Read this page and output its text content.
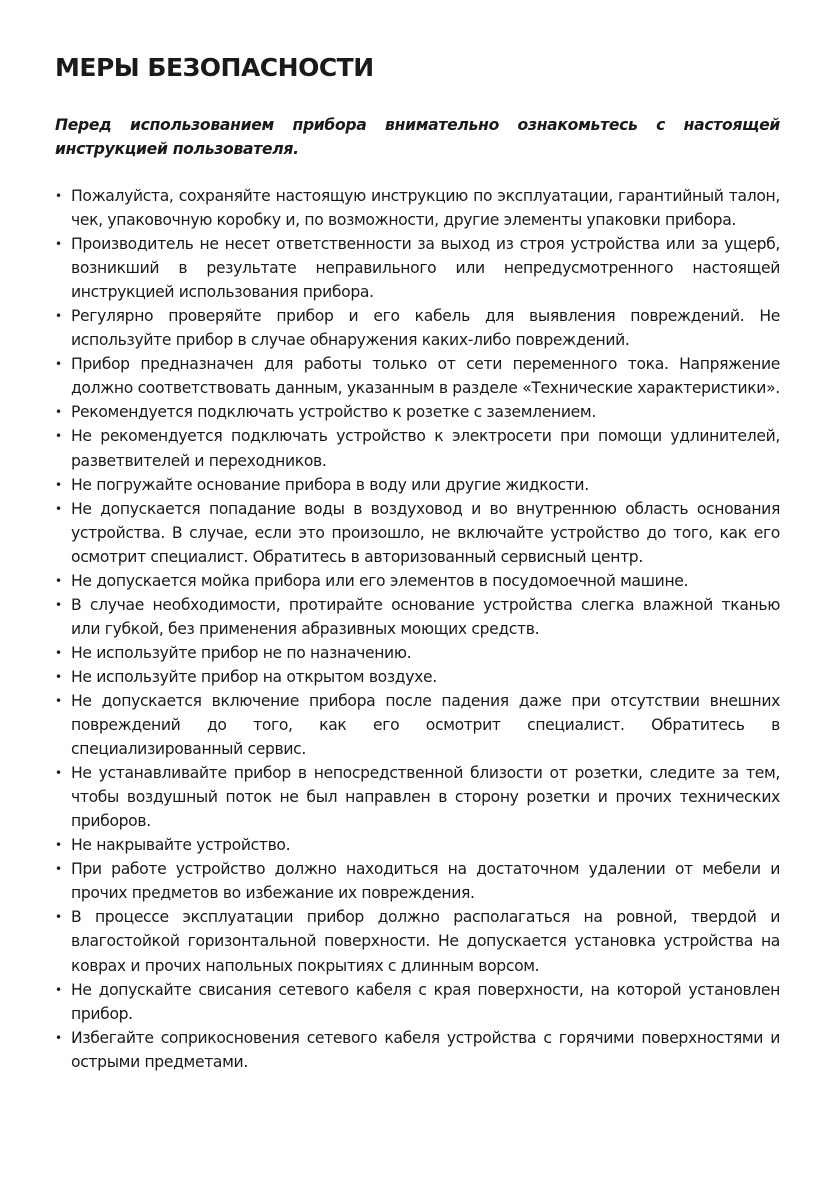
МЕРЫ БЕЗОПАСНОСТИ

Перед использованием прибора внимательно ознакомьтесь с настоящей инструкцией пользователя.

• Пожалуйста, сохраняйте настоящую инструкцию по эксплуатации, гарантийный талон, чек, упаковочную коробку и, по возможности, другие элементы упаковки прибора.
• Производитель не несет ответственности за выход из строя устройства или за ущерб, возникший в результате неправильного или непредусмотренного настоящей инструкцией использования прибора.
• Регулярно проверяйте прибор и его кабель для выявления повреждений. Не используйте прибор в случае обнаружения каких-либо повреждений.
• Прибор предназначен для работы только от сети переменного тока. Напряжение должно соответствовать данным, указанным в разделе «Технические характеристики».
• Рекомендуется подключать устройство к розетке с заземлением.
• Не рекомендуется подключать устройство к электросети при помощи удлинителей, разветвителей и переходников.
• Не погружайте основание прибора в воду или другие жидкости.
• Не допускается попадание воды в воздуховод и во внутреннюю область основания устройства. В случае, если это произошло, не включайте устройство до того, как его осмотрит специалист. Обратитесь в авторизованный сервисный центр.
• Не допускается мойка прибора или его элементов в посудомоечной машине.
• В случае необходимости, протирайте основание устройства слегка влажной тканью или губкой, без применения абразивных моющих средств.
• Не используйте прибор не по назначению.
• Не используйте прибор на открытом воздухе.
• Не допускается включение прибора после падения даже при отсутствии внешних повреждений до того, как его осмотрит специалист. Обратитесь в специализированный сервис.
• Не устанавливайте прибор в непосредственной близости от розетки, следите за тем, чтобы воздушный поток не был направлен в сторону розетки и прочих технических приборов.
• Не накрывайте устройство.
• При работе устройство должно находиться на достаточном удалении от мебели и прочих предметов во избежание их повреждения.
• В процессе эксплуатации прибор должно располагаться на ровной, твердой и влагостойкой горизонтальной поверхности. Не допускается установка устройства на коврах и прочих напольных покрытиях с длинным ворсом.
• Не допускайте свисания сетевого кабеля с края поверхности, на которой установлен прибор.
• Избегайте соприкосновения сетевого кабеля устройства с горячими поверхностями и острыми предметами.
